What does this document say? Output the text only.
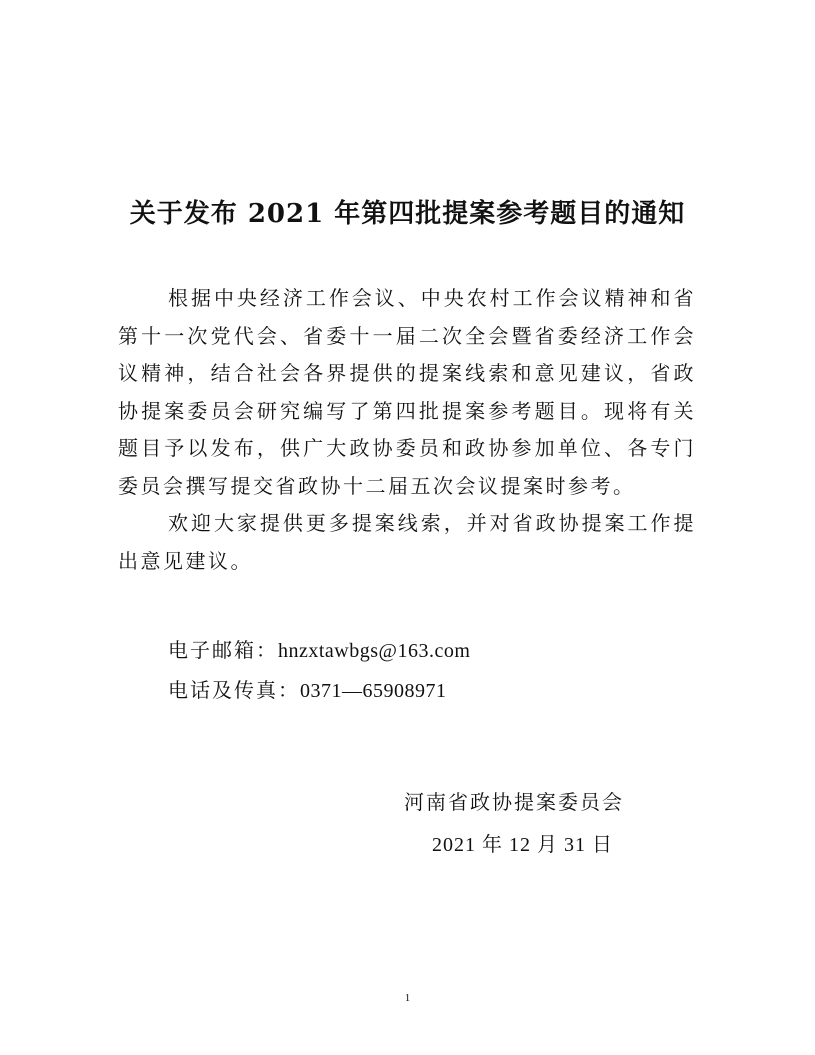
关于发布 2021 年第四批提案参考题目的通知
根据中央经济工作会议、中央农村工作会议精神和省第十一次党代会、省委十一届二次全会暨省委经济工作会议精神，结合社会各界提供的提案线索和意见建议，省政协提案委员会研究编写了第四批提案参考题目。现将有关题目予以发布，供广大政协委员和政协参加单位、各专门委员会撰写提交省政协十二届五次会议提案时参考。
欢迎大家提供更多提案线索，并对省政协提案工作提出意见建议。
电子邮箱：hnzxtawbgs@163.com
电话及传真：0371—65908971
河南省政协提案委员会
2021 年 12 月 31 日
1
